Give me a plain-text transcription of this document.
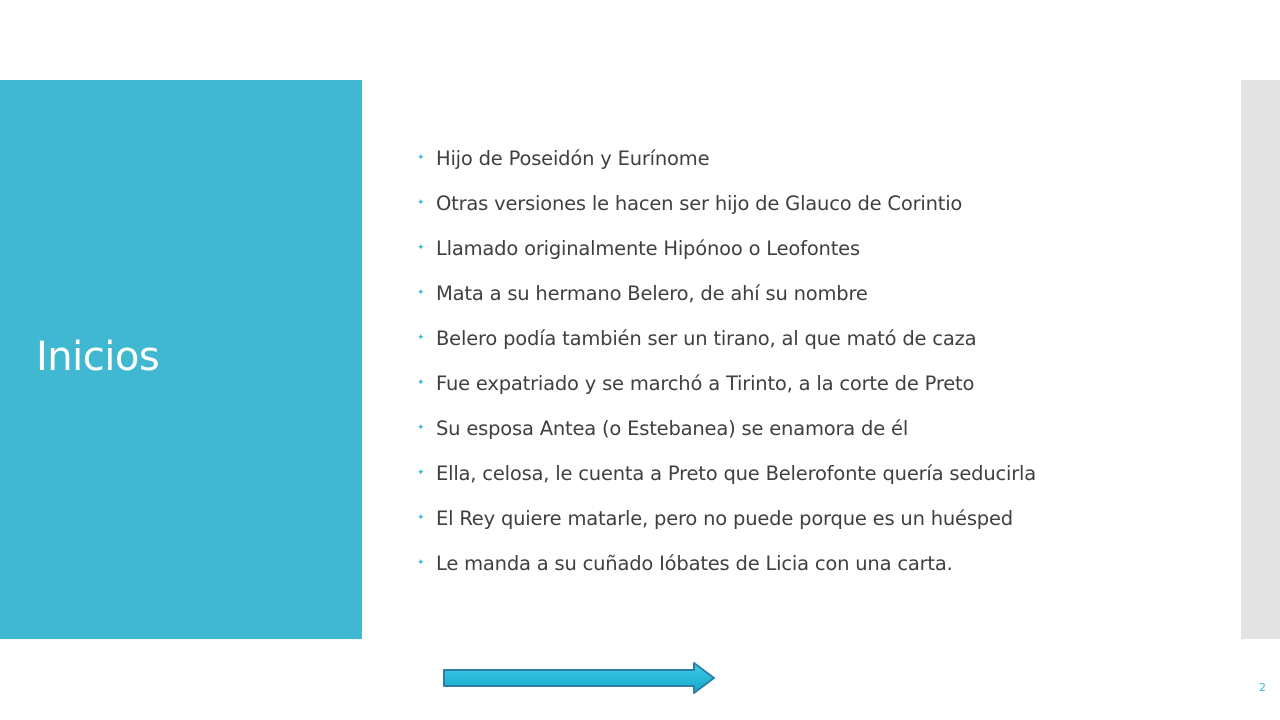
Inicios
✦ Hijo de Poseidón y Eurínome
✦ Otras versiones le hacen ser hijo de Glauco de Corintio
✦ Llamado originalmente Hipónoo o Leofontes
✦ Mata a su hermano Belero, de ahí su nombre
✦ Belero podía también ser un tirano, al que mató de caza
✦ Fue expatriado y se marchó a Tirinto, a la corte de Preto
✦ Su esposa Antea (o Estebanea) se enamora de él
✦ Ella, celosa, le cuenta a Preto que Belerofonte quería seducirla
✦ El Rey quiere matarle, pero no puede porque es un huésped
✦ Le manda a su cuñado Ióbates de Licia con una carta.
2
